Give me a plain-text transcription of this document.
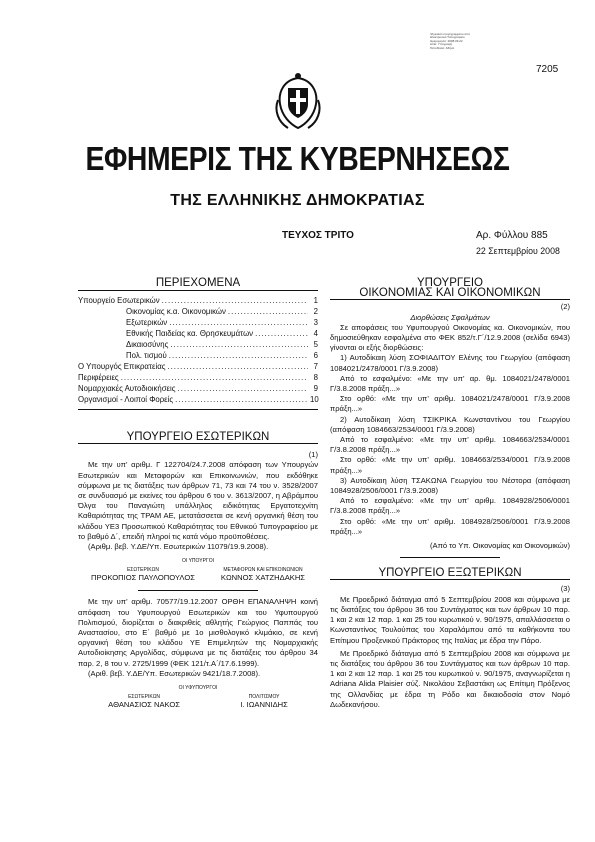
7205
Ψηφιακά υπογεγραμμένο από
Ηλεκτρονικό Τυπογραφείο
Ημερομηνία: 2008.09.22
Αιτία: Υπογραφή
Τοποθεσία: Αθήνα
ΕΦΗΜΕΡΙΣ ΤΗΣ ΚΥΒΕΡΝΗΣΕΩΣ
ΤΗΣ ΕΛΛΗΝΙΚΗΣ ΔΗΜΟΚΡΑΤΙΑΣ
ΤΕΥΧΟΣ ΤΡΙΤΟ	Αρ. Φύλλου 885
22 Σεπτεμβρίου 2008
ΠΕΡΙΕΧΟΜΕΝΑ
Υπουργείο Εσωτερικών .....	1
Οικονομίας κ.α. Οικονομικών .....	2
Εξωτερικών .....	3
Εθνικής Παιδείας κα. Θρησκευμάτων .....	4
Δικαιοσύνης .....	5
Πολ. τισμού .....	6
Ο Υπουργός Επικρατείας .....	7
Περιφέρειες .....	8
Νομαρχιακές Αυτοδιοικήσεις .....	9
Οργανισμοί - Λοιποί Φορείς .....	10
ΥΠΟΥΡΓΕΙΟ ΕΣΩΤΕΡΙΚΩΝ
(1)

Με την υπ’ αριθμ. Γ 122704/24.7.2008 απόφαση των Υπουργών Εσωτερικών και Μεταφορών και Επικοινωνιών, που εκδόθηκε σύμφωνα με τις διατάξεις των άρθρων 71, 73 και 74 του ν. 3528/2007 σε συνδυασμό με εκείνες του άρθρου 6 του ν. 3613/2007, η Αβράμπου Όλγα του Παναγιώτη υπάλληλος ειδικότητας Εργατοτεχνίτη Καθαριότητας της ΤΡΑΜ ΑΕ, μετατάσσεται σε κενή οργανική θέση του κλάδου ΥΕ3 Προσωπικού Καθαριότητας του Εθνικού Τυπογραφείου με το βαθμό Δ΄, επειδή πληροί τις κατά νόμο προϋποθέσεις.

(Αριθμ. βεβ. Υ.ΔΕ/Υπ. Εσωτερικών 11079/19.9.2008).

ΟΙ ΥΠΟΥΡΓΟΙ
ΕΣΩΤΕΡΙΚΩΝ
ΠΡΟΚΟΠΙΟΣ ΠΑΥΛΟΠΟΥΛΟΣ
ΜΕΤΑΦΟΡΩΝ ΚΑΙ ΕΠΙΚΟΙΝΩΝΙΩΝ
ΚΩΝΝΟΣ ΧΑΤΖΗΔΑΚΗΣ

Με την υπ’ αριθμ. 70577/19.12.2007 ΟΡΘΗ ΕΠΑΝΑΛΗΨΗ κοινή απόφαση του Υφυπουργού Εσωτερικών και του Υφυπουργού Πολιτισμού, διορίζεται ο διακριθείς αθλητής Γεώργιος Παππάς του Αναστασίου, στο Ε΄ βαθμό με 1ο μισθολογικό κλιμάκιο, σε κενή οργανική θέση του κλάδου ΥΕ Επιμελητών της Νομαρχιακής Αυτοδιοίκησης Αργολίδας, σύμφωνα με τις διατάξεις του άρθρου 34 παρ. 2, 8 του ν. 2725/1999 (ΦΕΚ 121/τ.Α΄/17.6.1999).

(Αριθ. βεβ. Υ.ΔΕ/Υπ. Εσωτερικών 9421/18.7.2008).

ΟΙ ΥΦΥΠΟΥΡΓΟΙ
ΕΣΩΤΕΡΙΚΩΝ
ΑΘΑΝΑΣΙΟΣ ΝΑΚΟΣ
ΠΟΛΙΤΙΣΜΟΥ
Ι. ΙΩΑΝΝΙΔΗΣ
ΥΠΟΥΡΓΕΙΟ
ΟΙΚΟΝΟΜΙΑΣ ΚΑΙ ΟΙΚΟΝΟΜΙΚΩΝ
(2)
Διορθώσεις Σφαλμάτων

Σε αποφάσεις του Υφυπουργού Οικονομίας κα. Οικονομικών, που δημοσιεύθηκαν εσφαλμένα στο ΦΕΚ 852/τ.Γ΄/12.9.2008 (σελίδα 6943) γίνονται οι εξής διορθώσεις:

1) Αυτοδίκαιη λύση ΣΟΦΙΑΔΙΤΟΥ Ελένης του Γεωργίου (απόφαση 1084021/2478/0001 Γ/3.9.2008)

Από το εσφαλμένο: «Με την υπ’ αρ. θμ. 1084021/2478/0001 Γ/3.8.2008 πράξη...»

Στο ορθό: «Με την υπ’ αριθμ. 1084021/2478/0001 Γ/3.9.2008 πράξη...»

2) Αυτοδίκαιη λύση ΤΣΙΚΡΙΚΑ Κωνσταντίνου του Γεωργίου (απόφαση 1084663/2534/0001 Γ/3.9.2008)

Από το εσφαλμένο: «Με την υπ’ αριθμ. 1084663/2534/0001 Γ/3.8.2008 πράξη...»

Στο ορθό: «Με την υπ’ αριθμ. 1084663/2534/0001 Γ/3.9.2008 πράξη...»

3) Αυτοδίκαιη λύση ΤΣΑΚΩΝΑ Γεωργίου του Νέστορα (απόφαση 1084928/2506/0001 Γ/3.9.2008)

Από το εσφαλμένο: «Με την υπ’ αριθμ. 1084928/2506/0001 Γ/3.8.2008 πράξη...»

Στο ορθό: «Με την υπ’ αριθμ. 1084928/2506/0001 Γ/3.9.2008 πράξη...»

(Από το Υπ. Οικονομίας και Οικονομικών)
ΥΠΟΥΡΓΕΙΟ ΕΞΩΤΕΡΙΚΩΝ
(3)

Με Προεδρικό διάταγμα από 5 Σεπτεμβρίου 2008 και σύμφωνα με τις διατάξεις του άρθρου 36 του Συντάγματος και των άρθρων 10 παρ. 1 και 2 και 12 παρ. 1 και 25 του κυρωτικού ν. 90/1975, απαλλάσσεται ο Κωνσταντίνος Τουλούπας του Χαραλάμπου από τα καθήκοντα του Επίτιμου Προξενικού Πράκτορος της Ιταλίας με έδρα την Πάρο.

Με Προεδρικό διάταγμα από 5 Σεπτεμβρίου 2008 και σύμφωνα με τις διατάξεις του άρθρου 36 του Συντάγματος και των άρθρων 10 παρ. 1 και 2 και 12 παρ. 1 και 25 του κυρωτικού ν. 90/1975, αναγνωρίζεται η Adriana Alida Plaisier σύζ. Νικολάου Σεβαστάκη ως Επίτιμη Πρόξενος της Ολλανδίας με έδρα τη Ρόδο και δικαιοδοσία στον Νομό Δωδεκανήσου.
